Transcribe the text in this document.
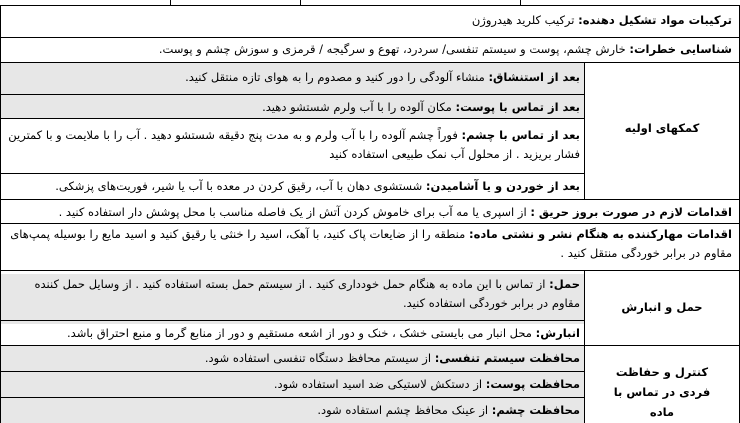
ترکیبات مواد تشکیل دهنده: ترکیب کلرید هیدروژن
شناسایی خطرات: خارش چشم، پوست و سیستم تنفسی/ سردرد، تهوع و سرگیجه / قرمزی و سوزش چشم و پوست.
کمکهای اولیه
بعد از استنشاق: منشاء آلودگی را دور کنید و مصدوم را به هوای تازه منتقل کنید.
بعد از تماس با پوست: مکان آلوده را با آب ولرم شستشو دهید.
بعد از تماس با چشم: فوراً چشم آلوده را با آب ولرم و به مدت پنج دقیقه شستشو دهید . آب را با ملایمت و با کمترین فشار بریزید . از محلول آب نمک طبیعی استفاده کنید
بعد از خوردن و یا آشامیدن: شستشوی دهان با آب، رقیق کردن در معده با آب یا شیر، فوریت‌های پزشکی.
اقدامات لازم در صورت بروز حریق : از اسپری یا مه آب برای خاموش کردن آتش از یک فاصله مناسب با محل پوشش دار استفاده کنید .
اقدامات مهارکننده به هنگام نشر و نشتی ماده: منطقه را از ضایعات پاک کنید، با آهک، اسید را خنثی یا رقیق کنید و اسید مایع را بوسیله پمپ‌های مقاوم در برابر خوردگی منتقل کنید .
حمل و انبارش
حمل: از تماس با این ماده به هنگام حمل خودداری کنید . از سیستم حمل بسته استفاده کنید . از وسایل حمل کننده مقاوم در برابر خوردگی استفاده کنید.
انبارش: محل انبار می بایستی خشک ، خنک و دور از اشعه مستقیم و دور از منابع گرما و منبع احتراق باشد.
کنترل و حفاظت فردی در تماس با ماده
محافظت سیستم تنفسی: از سیستم محافظ دستگاه تنفسی استفاده شود.
محافظت پوست: از دستکش لاستیکی ضد اسید استفاده شود.
محافظت چشم: از عینک محافظ چشم استفاده شود.
